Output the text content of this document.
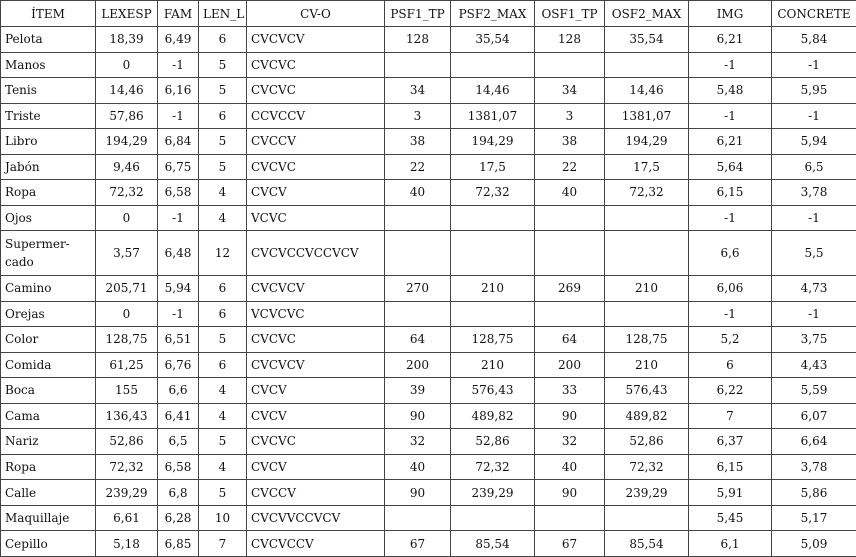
ÍTEM	LEXESP	FAM	LEN_L	CV-O	PSF1_TP	PSF2_MAX	OSF1_TP	OSF2_MAX	IMG	CONCRETE
Pelota	18,39	6,49	6	CVCVCV	128	35,54	128	35,54	6,21	5,84
Manos	0	-1	5	CVCVC					-1	-1
Tenis	14,46	6,16	5	CVCVC	34	14,46	34	14,46	5,48	5,95
Triste	57,86	-1	6	CCVCCV	3	1381,07	3	1381,07	-1	-1
Libro	194,29	6,84	5	CVCCV	38	194,29	38	194,29	6,21	5,94
Jabón	9,46	6,75	5	CVCVC	22	17,5	22	17,5	5,64	6,5
Ropa	72,32	6,58	4	CVCV	40	72,32	40	72,32	6,15	3,78
Ojos	0	-1	4	VCVC					-1	-1
Supermer-cado	3,57	6,48	12	CVCVCCVCCVCV					6,6	5,5
Camino	205,71	5,94	6	CVCVCV	270	210	269	210	6,06	4,73
Orejas	0	-1	6	VCVCVC					-1	-1
Color	128,75	6,51	5	CVCVC	64	128,75	64	128,75	5,2	3,75
Comida	61,25	6,76	6	CVCVCV	200	210	200	210	6	4,43
Boca	155	6,6	4	CVCV	39	576,43	33	576,43	6,22	5,59
Cama	136,43	6,41	4	CVCV	90	489,82	90	489,82	7	6,07
Nariz	52,86	6,5	5	CVCVC	32	52,86	32	52,86	6,37	6,64
Ropa	72,32	6,58	4	CVCV	40	72,32	40	72,32	6,15	3,78
Calle	239,29	6,8	5	CVCCV	90	239,29	90	239,29	5,91	5,86
Maquillaje	6,61	6,28	10	CVCVVCCVCV					5,45	5,17
Cepillo	5,18	6,85	7	CVCVCCV	67	85,54	67	85,54	6,1	5,09
